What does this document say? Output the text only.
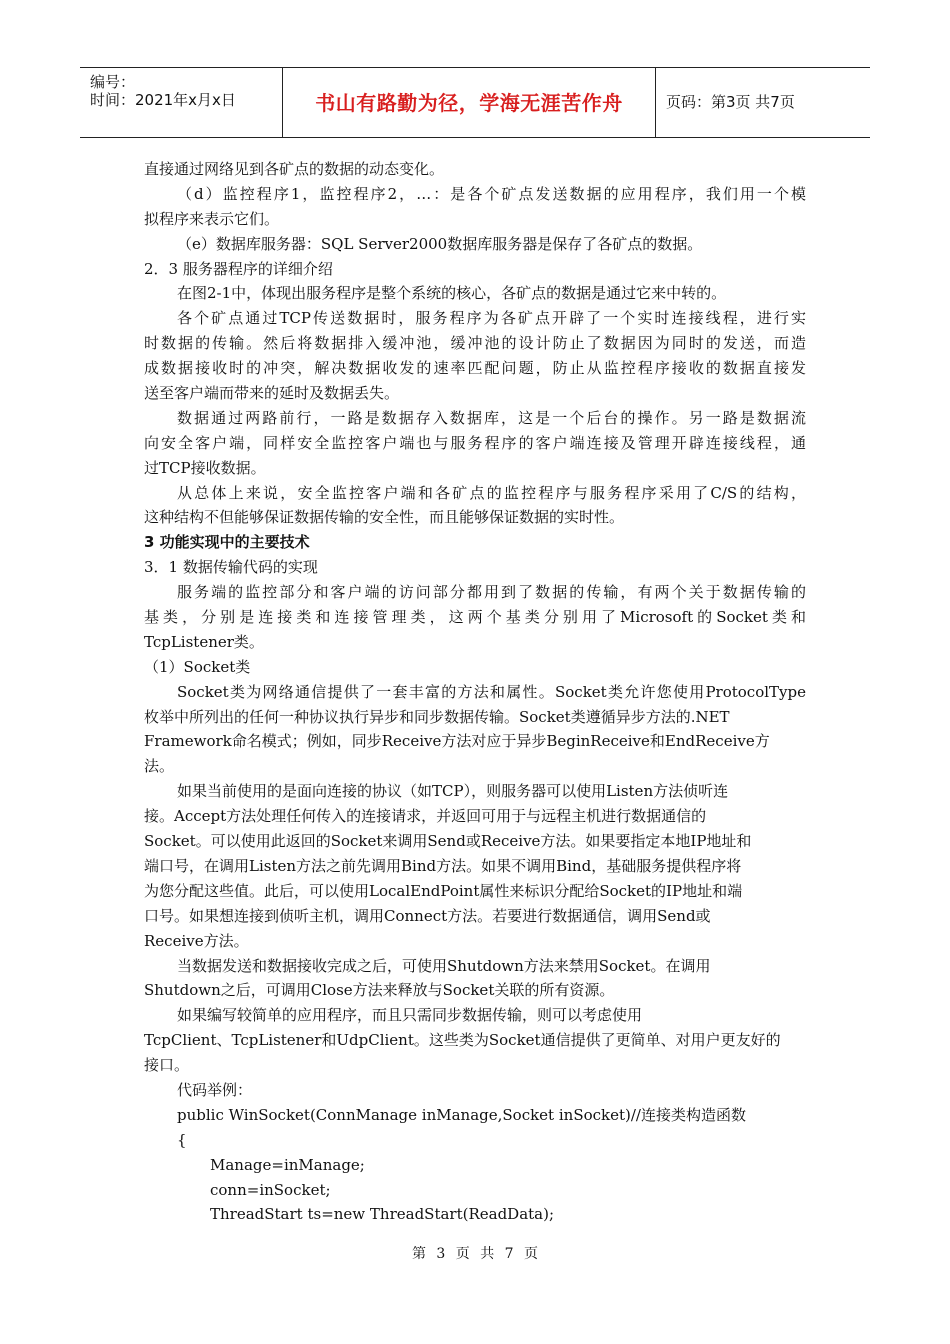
编号：
时间：2021年x月x日	书山有路勤为径，学海无涯苦作舟	页码：第3页 共7页
直接通过网络见到各矿点的数据的动态变化。
（d）监控程序1，监控程序2，…：是各个矿点发送数据的应用程序，我们用一个模
拟程序来表示它们。
（e）数据库服务器：SQL Server2000数据库服务器是保存了各矿点的数据。
2．3 服务器程序的详细介绍
在图2-1中，体现出服务程序是整个系统的核心，各矿点的数据是通过它来中转的。
各个矿点通过TCP传送数据时，服务程序为各矿点开辟了一个实时连接线程，进行实
时数据的传输。然后将数据排入缓冲池，缓冲池的设计防止了数据因为同时的发送，而造
成数据接收时的冲突，解决数据收发的速率匹配问题，防止从监控程序接收的数据直接发
送至客户端而带来的延时及数据丢失。
数据通过两路前行，一路是数据存入数据库，这是一个后台的操作。另一路是数据流
向安全客户端，同样安全监控客户端也与服务程序的客户端连接及管理开辟连接线程，通
过TCP接收数据。
从总体上来说，安全监控客户端和各矿点的监控程序与服务程序采用了C/S的结构，
这种结构不但能够保证数据传输的安全性，而且能够保证数据的实时性。
3 功能实现中的主要技术
3．1 数据传输代码的实现
服务端的监控部分和客户端的访问部分都用到了数据的传输，有两个关于数据传输的
基类，分别是连接类和连接管理类，这两个基类分别用了Microsoft的Socket类和
TcpListener类。
（1）Socket类
Socket类为网络通信提供了一套丰富的方法和属性。Socket类允许您使用ProtocolType
枚举中所列出的任何一种协议执行异步和同步数据传输。Socket类遵循异步方法的.NET
Framework命名模式；例如，同步Receive方法对应于异步BeginReceive和EndReceive方
法。
如果当前使用的是面向连接的协议（如TCP），则服务器可以使用Listen方法侦听连
接。Accept方法处理任何传入的连接请求，并返回可用于与远程主机进行数据通信的
Socket。可以使用此返回的Socket来调用Send或Receive方法。如果要指定本地IP地址和
端口号，在调用Listen方法之前先调用Bind方法。如果不调用Bind，基础服务提供程序将
为您分配这些值。此后，可以使用LocalEndPoint属性来标识分配给Socket的IP地址和端
口号。如果想连接到侦听主机，调用Connect方法。若要进行数据通信，调用Send或
Receive方法。
当数据发送和数据接收完成之后，可使用Shutdown方法来禁用Socket。在调用
Shutdown之后，可调用Close方法来释放与Socket关联的所有资源。
如果编写较简单的应用程序，而且只需同步数据传输，则可以考虑使用
TcpClient、TcpListener和UdpClient。这些类为Socket通信提供了更简单、对用户更友好的
接口。
代码举例：
public WinSocket(ConnManage inManage,Socket inSocket)//连接类构造函数
{
Manage=inManage;
conn=inSocket;
ThreadStart ts=new ThreadStart(ReadData);
第 3 页 共 7 页
